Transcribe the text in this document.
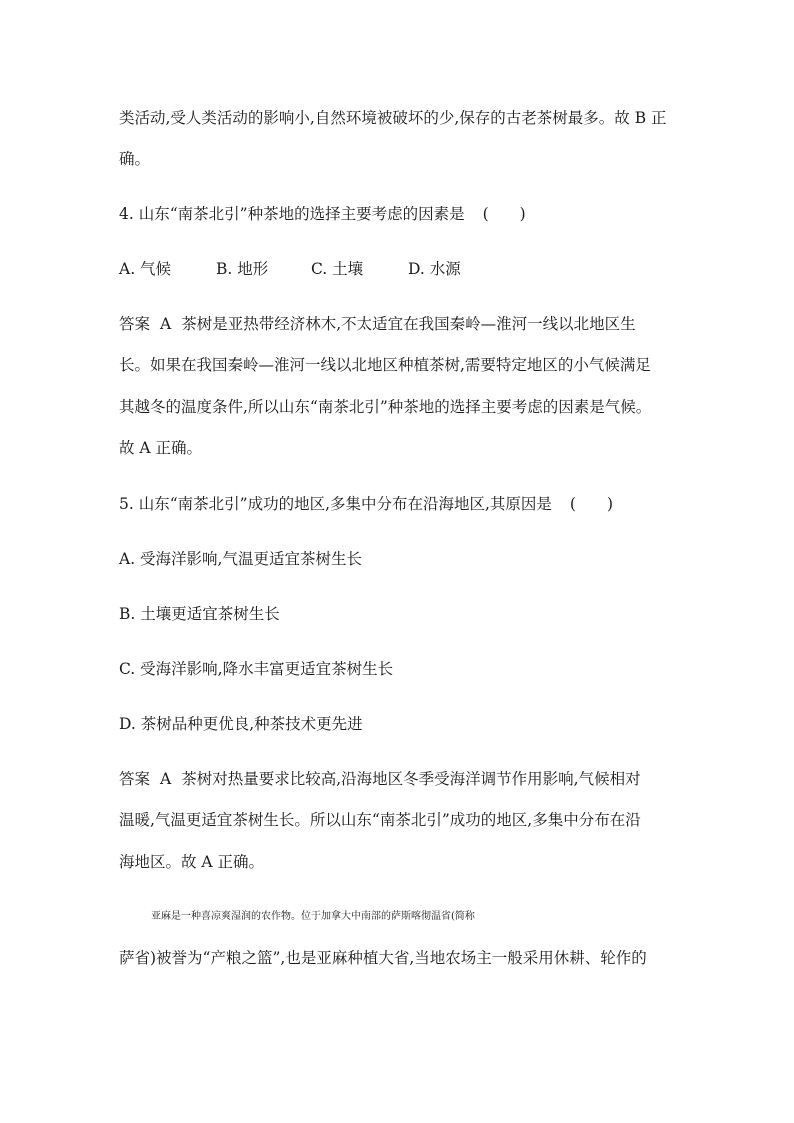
类活动,受人类活动的影响小,自然环境被破坏的少,保存的古老茶树最多。故 B 正
确。
4. 山东“南茶北引”种茶地的选择主要考虑的因素是 (　　)
A. 气候	B. 地形	C. 土壤	D. 水源
答案 A 茶树是亚热带经济林木,不太适宜在我国秦岭—淮河一线以北地区生
长。如果在我国秦岭—淮河一线以北地区种植茶树,需要特定地区的小气候满足
其越冬的温度条件,所以山东“南茶北引”种茶地的选择主要考虑的因素是气候。
故 A 正确。
5. 山东“南茶北引”成功的地区,多集中分布在沿海地区,其原因是 (　　)
A. 受海洋影响,气温更适宜茶树生长
B. 土壤更适宜茶树生长
C. 受海洋影响,降水丰富更适宜茶树生长
D. 茶树品种更优良,种茶技术更先进
答案 A 茶树对热量要求比较高,沿海地区冬季受海洋调节作用影响,气候相对
温暖,气温更适宜茶树生长。所以山东“南茶北引”成功的地区,多集中分布在沿
海地区。故 A 正确。
亚麻是一种喜凉爽湿润的农作物。位于加拿大中南部的萨斯喀彻温省(简称
萨省)被誉为“产粮之篮”,也是亚麻种植大省,当地农场主一般采用休耕、轮作的
